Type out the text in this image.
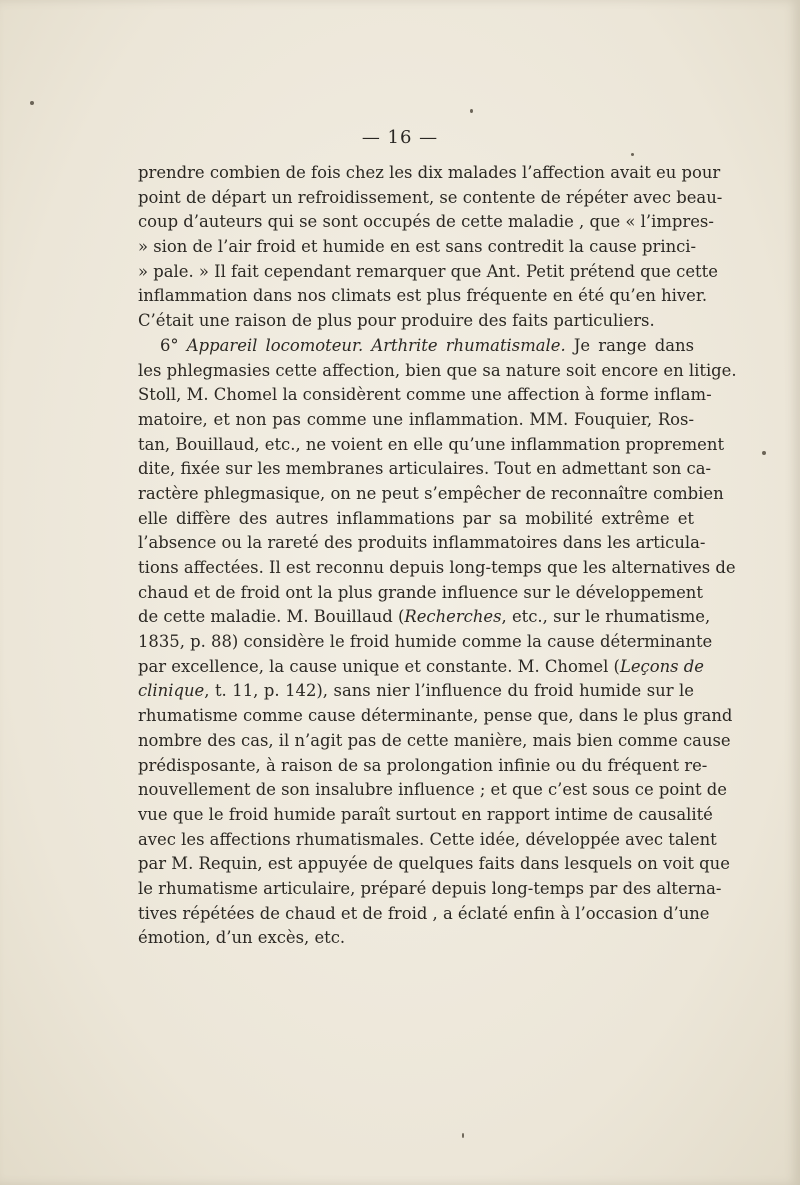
— 16 —
prendre combien de fois chez les dix malades l’affection avait eu pour
point de départ un refroidissement, se contente de répéter avec beau-
coup d’auteurs qui se sont occupés de cette maladie , que « l’impres-
» sion de l’air froid et humide en est sans contredit la cause princi-
» pale. » Il fait cependant remarquer que Ant. Petit prétend que cette
inflammation dans nos climats est plus fréquente en été qu’en hiver.
C’était une raison de plus pour produire des faits particuliers.
6° Appareil locomoteur. Arthrite rhumatismale. Je range dans
les phlegmasies cette affection, bien que sa nature soit encore en litige.
Stoll, M. Chomel la considèrent comme une affection à forme inflam-
matoire, et non pas comme une inflammation. MM. Fouquier, Ros-
tan, Bouillaud, etc., ne voient en elle qu’une inflammation proprement
dite, fixée sur les membranes articulaires. Tout en admettant son ca-
ractère phlegmasique, on ne peut s’empêcher de reconnaître combien
elle diffère des autres inflammations par sa mobilité extrême et
l’absence ou la rareté des produits inflammatoires dans les articula-
tions affectées. Il est reconnu depuis long-temps que les alternatives de
chaud et de froid ont la plus grande influence sur le développement
de cette maladie. M. Bouillaud (Recherches, etc., sur le rhumatisme,
1835, p. 88) considère le froid humide comme la cause déterminante
par excellence, la cause unique et constante. M. Chomel (Leçons de
clinique, t. 11, p. 142), sans nier l’influence du froid humide sur le
rhumatisme comme cause déterminante, pense que, dans le plus grand
nombre des cas, il n’agit pas de cette manière, mais bien comme cause
prédisposante, à raison de sa prolongation infinie ou du fréquent re-
nouvellement de son insalubre influence ; et que c’est sous ce point de
vue que le froid humide paraît surtout en rapport intime de causalité
avec les affections rhumatismales. Cette idée, développée avec talent
par M. Requin, est appuyée de quelques faits dans lesquels on voit que
le rhumatisme articulaire, préparé depuis long-temps par des alterna-
tives répétées de chaud et de froid , a éclaté enfin à l’occasion d’une
émotion, d’un excès, etc.
